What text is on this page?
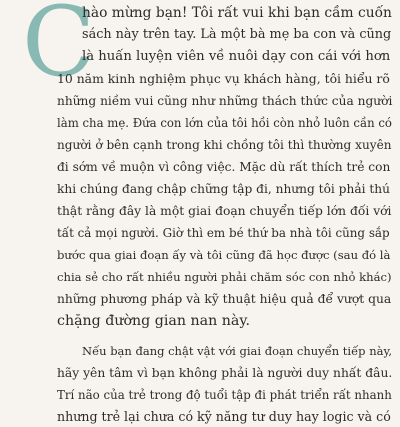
C
hào mừng bạn! Tôi rất vui khi bạn cầm cuốn
sách này trên tay. Là một bà mẹ ba con và cũng
là huấn luyện viên về nuôi dạy con cái với hơn
10 năm kinh nghiệm phục vụ khách hàng, tôi hiểu rõ
những niềm vui cũng như những thách thức của người
làm cha mẹ. Đứa con lớn của tôi hồi còn nhỏ luôn cần có
người ở bên cạnh trong khi chồng tôi thì thường xuyên
đi sớm về muộn vì công việc. Mặc dù rất thích trẻ con
khi chúng đang chập chững tập đi, nhưng tôi phải thú
thật rằng đây là một giai đoạn chuyển tiếp lớn đối với
tất cả mọi người. Giờ thì em bé thứ ba nhà tôi cũng sắp
bước qua giai đoạn ấy và tôi cũng đã học được (sau đó là
chia sẻ cho rất nhiều người phải chăm sóc con nhỏ khác)
những phương pháp và kỹ thuật hiệu quả để vượt qua
chặng đường gian nan này.
Nếu bạn đang chật vật với giai đoạn chuyển tiếp này,
hãy yên tâm vì bạn không phải là người duy nhất đâu.
Trí não của trẻ trong độ tuổi tập đi phát triển rất nhanh
nhưng trẻ lại chưa có kỹ năng tư duy hay logic và có
